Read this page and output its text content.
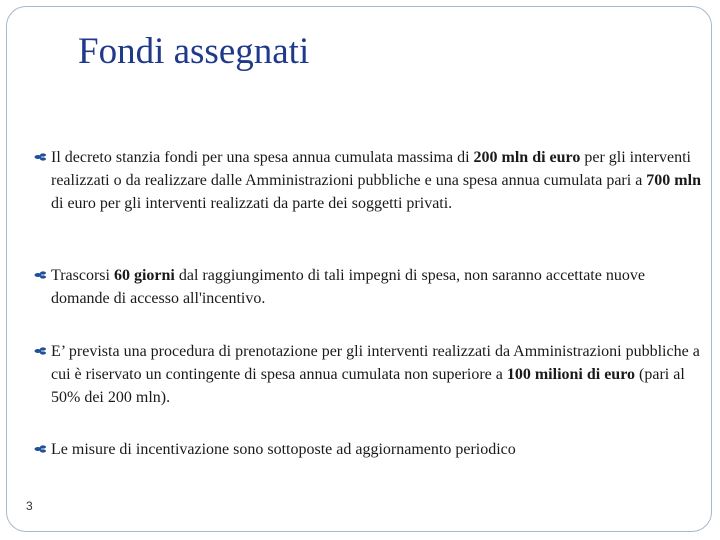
Fondi assegnati
Il decreto stanzia fondi per una spesa annua cumulata massima di 200 mln di euro per gli interventi realizzati o da realizzare dalle Amministrazioni pubbliche e una spesa annua cumulata pari a 700 mln di euro per gli interventi realizzati da parte dei soggetti privati.
Trascorsi 60 giorni dal raggiungimento di tali impegni di spesa, non saranno accettate nuove domande di accesso all'incentivo.
E’ prevista una procedura di prenotazione per gli interventi realizzati da Amministrazioni pubbliche a cui è riservato un contingente di spesa annua cumulata non superiore a 100 milioni di euro (pari al 50% dei 200 mln).
Le misure di incentivazione sono sottoposte ad aggiornamento periodico
3
